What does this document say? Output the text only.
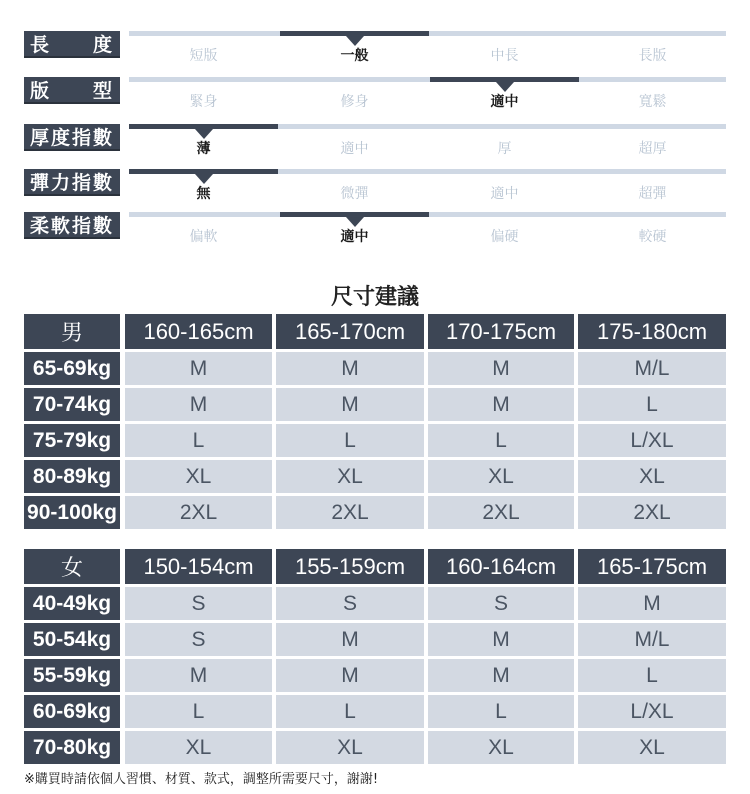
長 度	短版	一般	中長	長版
版 型	緊身	修身	適中	寬鬆
厚度指數	薄	適中	厚	超厚
彈力指數	無	微彈	適中	超彈
柔軟指數	偏軟	適中	偏硬	較硬
尺寸建議
男	160-165cm	165-170cm	170-175cm	175-180cm
65-69kg	M	M	M	M/L
70-74kg	M	M	M	L
75-79kg	L	L	L	L/XL
80-89kg	XL	XL	XL	XL
90-100kg	2XL	2XL	2XL	2XL
女	150-154cm	155-159cm	160-164cm	165-175cm
40-49kg	S	S	S	M
50-54kg	S	M	M	M/L
55-59kg	M	M	M	L
60-69kg	L	L	L	L/XL
70-80kg	XL	XL	XL	XL
※購買時請依個人習慣、材質、款式，調整所需要尺寸，謝謝!
